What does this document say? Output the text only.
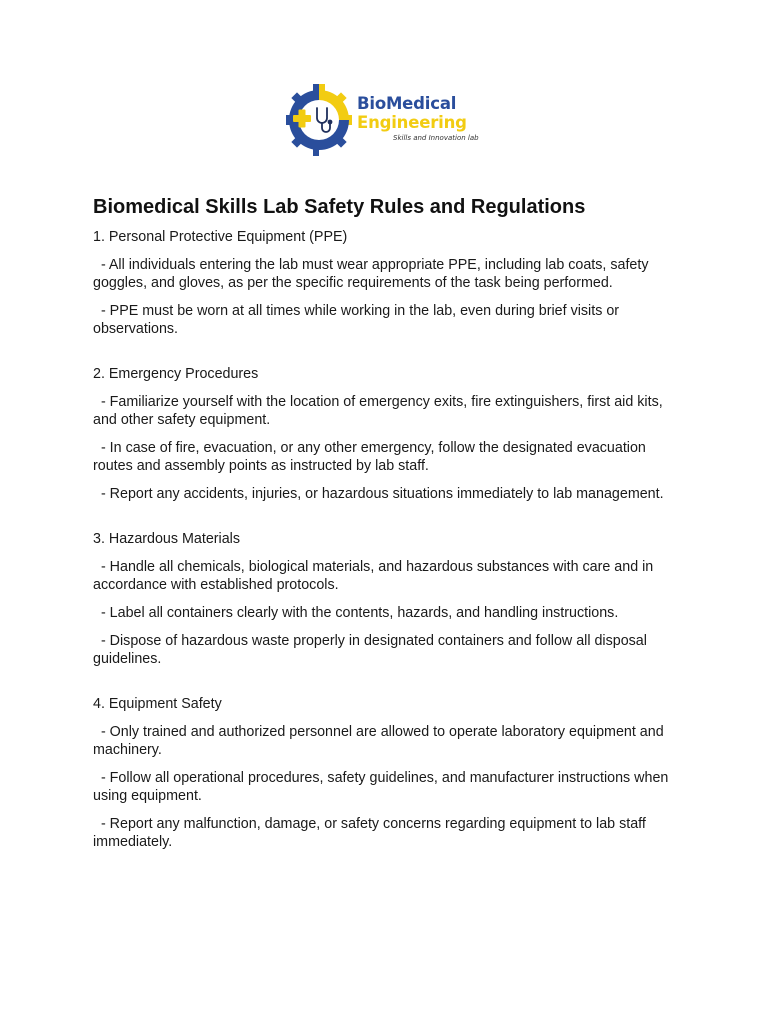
BioMedical
Engineering
Skills and Innovation lab
Biomedical Skills Lab Safety Rules and Regulations

1. Personal Protective Equipment (PPE)

- All individuals entering the lab must wear appropriate PPE, including lab coats, safety goggles, and gloves, as per the specific requirements of the task being performed.

- PPE must be worn at all times while working in the lab, even during brief visits or observations.

2. Emergency Procedures

- Familiarize yourself with the location of emergency exits, fire extinguishers, first aid kits, and other safety equipment.

- In case of fire, evacuation, or any other emergency, follow the designated evacuation routes and assembly points as instructed by lab staff.

- Report any accidents, injuries, or hazardous situations immediately to lab management.

3. Hazardous Materials

- Handle all chemicals, biological materials, and hazardous substances with care and in accordance with established protocols.

- Label all containers clearly with the contents, hazards, and handling instructions.

- Dispose of hazardous waste properly in designated containers and follow all disposal guidelines.

4. Equipment Safety

- Only trained and authorized personnel are allowed to operate laboratory equipment and machinery.

- Follow all operational procedures, safety guidelines, and manufacturer instructions when using equipment.

- Report any malfunction, damage, or safety concerns regarding equipment to lab staff immediately.
